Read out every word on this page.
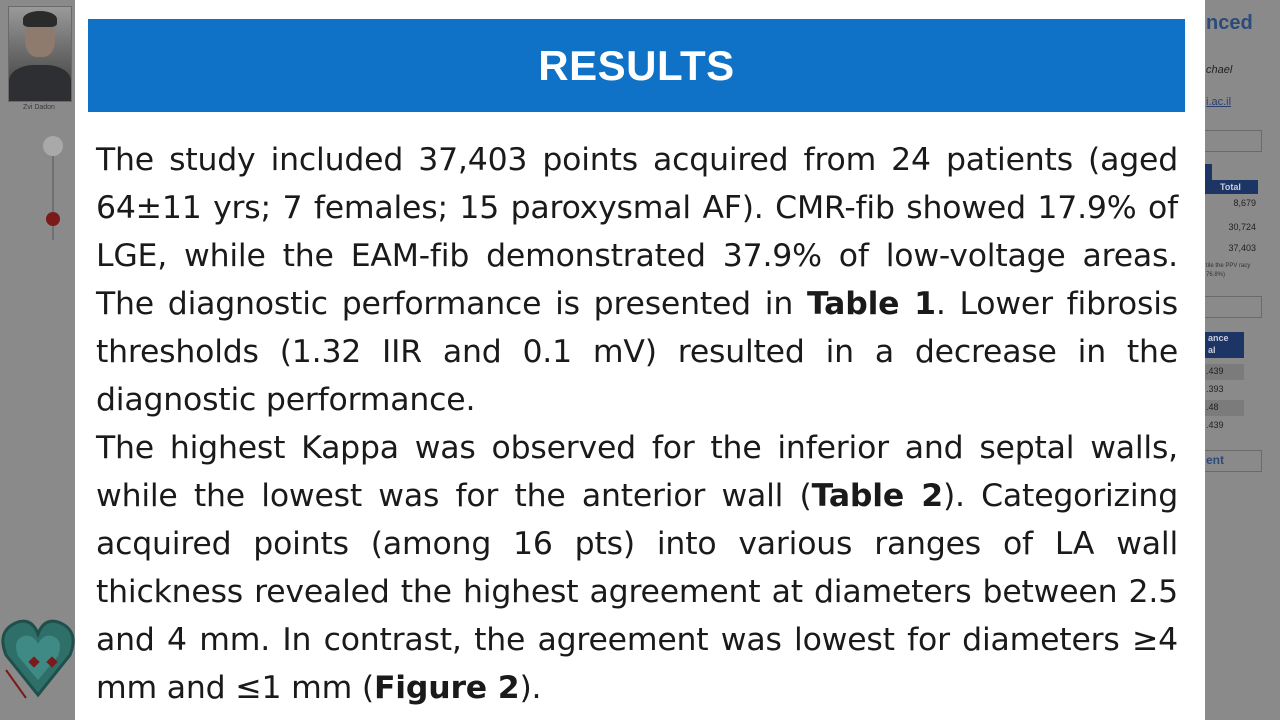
Zvi Dadon
nced
chael
i.ac.il
Total
8,679
30,724
37,403
tile the PPV racy 76.8%)
ance
al
.439
.393
.48
.439
ent
RESULTS

The study included 37,403 points acquired from 24 patients (aged 64±11 yrs; 7 females; 15 paroxysmal AF). CMR-fib showed 17.9% of LGE, while the EAM-fib demonstrated 37.9% of low-voltage areas. The diagnostic performance is presented in Table 1. Lower fibrosis thresholds (1.32 IIR and 0.1 mV) resulted in a decrease in the diagnostic performance.

The highest Kappa was observed for the inferior and septal walls, while the lowest was for the anterior wall (Table 2). Categorizing acquired points (among 16 pts) into various ranges of LA wall thickness revealed the highest agreement at diameters between 2.5 and 4 mm. In contrast, the agreement was lowest for diameters ≥4 mm and ≤1 mm (Figure 2).
